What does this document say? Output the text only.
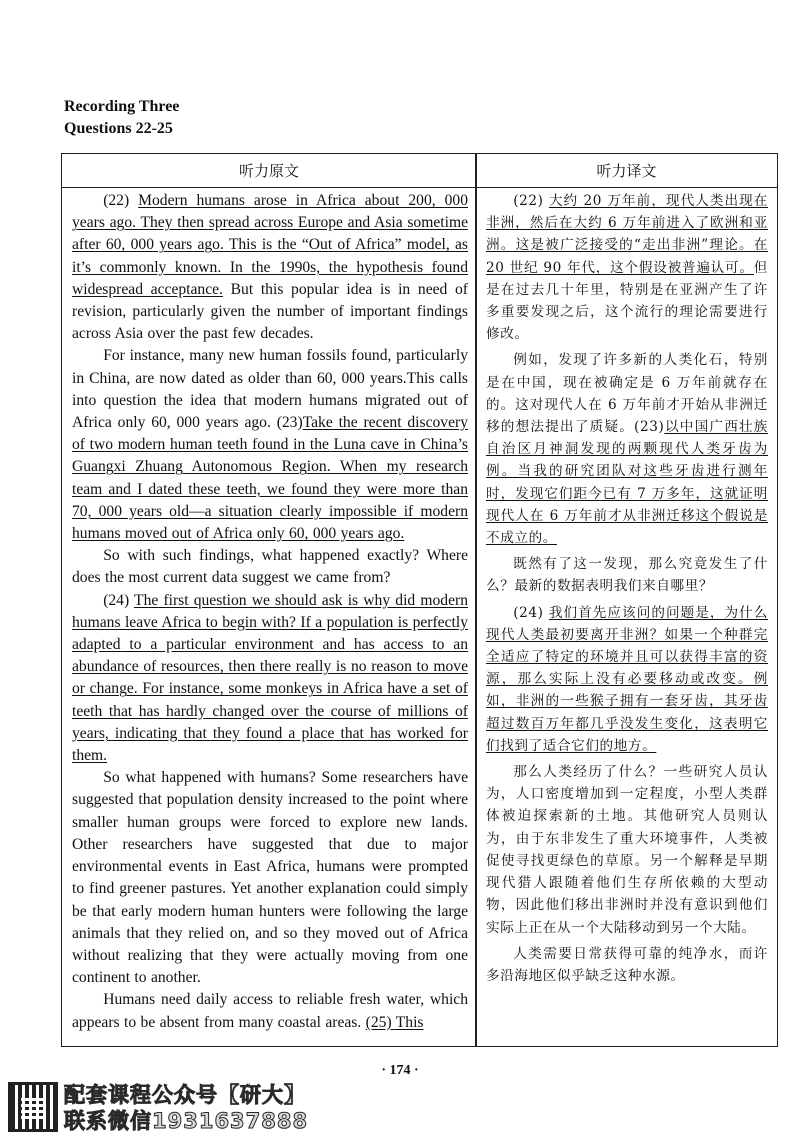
Recording Three
Questions 22-25
听力原文	听力译文

(22) Modern humans arose in Africa about 200, 000 years ago. They then spread across Europe and Asia sometime after 60, 000 years ago. This is the “Out of Africa” model, as it’s commonly known. In the 1990s, the hypothesis found widespread acceptance. But this popular idea is in need of revision, particularly given the number of important findings across Asia over the past few decades.

For instance, many new human fossils found, particularly in China, are now dated as older than 60, 000 years.This calls into question the idea that modern humans migrated out of Africa only 60, 000 years ago. (23)Take the recent discovery of two modern human teeth found in the Luna cave in China’s Guangxi Zhuang Autonomous Region. When my research team and I dated these teeth, we found they were more than 70, 000 years old—a situation clearly impossible if modern humans moved out of Africa only 60, 000 years ago.

So with such findings, what happened exactly? Where does the most current data suggest we came from?

(24) The first question we should ask is why did modern humans leave Africa to begin with? If a population is perfectly adapted to a particular environment and has access to an abundance of resources, then there really is no reason to move or change. For instance, some monkeys in Africa have a set of teeth that has hardly changed over the course of millions of years, indicating that they found a place that has worked for them.

So what happened with humans? Some researchers have suggested that population density increased to the point where smaller human groups were forced to explore new lands. Other researchers have suggested that due to major environmental events in East Africa, humans were prompted to find greener pastures. Yet another explanation could simply be that early modern human hunters were following the large animals that they relied on, and so they moved out of Africa without realizing that they were actually moving from one continent to another.

Humans need daily access to reliable fresh water, which appears to be absent from many coastal areas. (25) This

(22) 大约 20 万年前，现代人类出现在非洲，然后在大约 6 万年前进入了欧洲和亚洲。这是被广泛接受的“走出非洲”理论。在 20 世纪 90 年代，这个假设被普遍认可。但是在过去几十年里，特别是在亚洲产生了许多重要发现之后，这个流行的理论需要进行修改。

例如，发现了许多新的人类化石，特别是在中国，现在被确定是 6 万年前就存在的。这对现代人在 6 万年前才开始从非洲迁移的想法提出了质疑。(23)以中国广西壮族自治区月神洞发现的两颗现代人类牙齿为例。当我的研究团队对这些牙齿进行测年时，发现它们距今已有 7 万多年，这就证明现代人在 6 万年前才从非洲迁移这个假说是不成立的。

既然有了这一发现，那么究竟发生了什么？最新的数据表明我们来自哪里？

(24) 我们首先应该问的问题是，为什么现代人类最初要离开非洲？如果一个种群完全适应了特定的环境并且可以获得丰富的资源，那么实际上没有必要移动或改变。例如，非洲的一些猴子拥有一套牙齿，其牙齿超过数百万年都几乎没发生变化，这表明它们找到了适合它们的地方。

那么人类经历了什么？一些研究人员认为，人口密度增加到一定程度，小型人类群体被迫探索新的土地。其他研究人员则认为，由于东非发生了重大环境事件，人类被促使寻找更绿色的草原。另一个解释是早期现代猎人跟随着他们生存所依赖的大型动物，因此他们移出非洲时并没有意识到他们实际上正在从一个大陆移动到另一个大陆。

人类需要日常获得可靠的纯净水，而许多沿海地区似乎缺乏这种水源。

· 174 ·
配套课程公众号【研大】
联系微信1931637888
